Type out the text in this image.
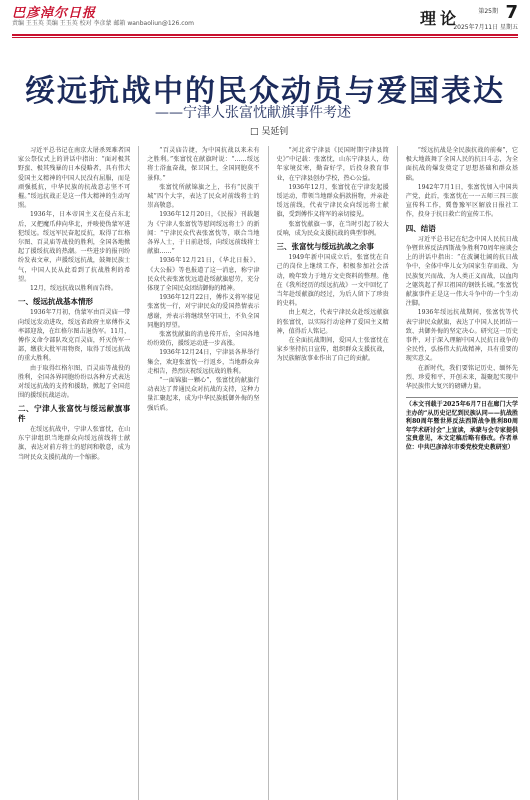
巴彦淖尔日报
责编 王玉英 美编 王玉英 校对 李彦蒙 邮箱 wanbaoliun@126.com	理论	第25期 7
2025年7月11日 星期五
绥远抗战中的民众动员与爱国表达
——宁津人张富忱献旗事件考述
□ 吴延钊

习近平总书记在南京大屠杀死难者国家公祭仪式上的讲话中指出：“面对极其野蛮、极其残暴的日本侵略者，具有伟大爱国主义精神的中国人民没有屈服，而是顽强抵抗，中华民族的抗战意志坚不可摧。”绥远抗战正是这一伟大精神的生动写照。

1936年，日本帝国主义在侵占东北后，又把魔爪伸向华北，并唆使伪蒙军进犯绥远。绥远军民奋起反抗，取得了红格尔图、百灵庙等战役的胜利，全国各地掀起了援绥抗战的热潮。一些进步的报刊纷纷发表文章，声援绥远抗战，鼓舞民族士气，中国人民从此看到了抗战胜利的希望。

12月，绥远抗战以胜利而告终。

一、绥远抗战基本情形

1936年7月初，伪蒙军由百灵庙一带向绥远发动进攻，绥远省政府主席傅作义率部迎敌，在红格尔图击退伪军。11月，傅作义命令部队攻克百灵庙，歼灭伪军一部，缴获大批军用物资，取得了绥远抗战的重大胜利。

由于取得红格尔图、百灵庙等战役的胜利，全国各界同胞纷纷以各种方式表达对绥远抗战的支持和援助，掀起了全国范围的援绥抗战运动。

二、宁津人张富忱与绥远献旗事件

在绥远抗战中，宁津人张富忱，在山东宁津组织当地群众向绥远前线将士献旗，表达对前方将士的慰问和敬意，成为当时民众支援抗战的一个缩影。

“百灵庙告捷，为中国抗战以来未有之胜利。”张富忱在献旗时说：“……绥远将士浴血奋战，保卫国土，全国同胞莫不景仰。”

张富忱所献锦旗之上，书有“民族干城”四个大字，表达了民众对前线将士的崇高敬意。

1936年12月20日，《民报》刊载题为《宁津人张富忱等慰问绥远将士》的新闻：“宁津民众代表张富忱等，联合当地各界人士，于日前赴绥，向绥远前线将士献旗……”

1936年12月21日，《华北日报》、《大公报》等也报道了这一消息，称宁津民众代表张富忱远道赴绥献旗慰劳，充分体现了全国民众团结御侮的精神。

1936年12月22日，傅作义将军接见张富忱一行，对宁津民众的爱国热情表示感谢，并表示将继续坚守国土，不负全国同胞的厚望。

张富忱献旗的消息传开后，全国各地纷纷效仿，援绥运动进一步高涨。

1936年12月24日，宁津县各界举行集会，欢迎张富忱一行返乡，当地群众奔走相告，热烈庆祝绥远抗战的胜利。

“一面锦旗一颗心”，张富忱的献旗行动表达了普通民众对抗战的支持，这种力量汇聚起来，成为中华民族抵御外侮的坚强后盾。

“河北省宁津县《民国时期宁津县简史》”中记载：张富忱，山东宁津县人，幼年家境贫寒，勤奋好学，后投身教育事业，在宁津县创办学校，热心公益。

1936年12月，张富忱在宁津发起援绥运动，带领当地群众捐款捐物，并亲赴绥远前线，代表宁津民众向绥远将士献旗，受到傅作义将军的亲切接见。

张富忱献旗一事，在当时引起了较大反响，成为民众支援抗战的典型事例。

三、张富忱与绥远抗战之余事

1949年新中国成立后，张富忱在自己的岗位上继续工作，积极参加社会活动，晚年致力于地方文史资料的整理。他在《我所经历的绥远抗战》一文中回忆了当年赴绥献旗的经过，为后人留下了珍贵的史料。

由上观之，代表宁津民众赴绥远献旗的张富忱，以实际行动诠释了爱国主义精神，值得后人铭记。

在全面抗战期间，爱国人士张富忱在家乡坚持抗日宣传，组织群众支援抗战，为民族解放事业作出了自己的贡献。

“绥远抗战是全民族抗战的前奏”，它极大地鼓舞了全国人民的抗日斗志，为全面抗战的爆发奠定了思想基础和群众基础。

1942年7月1日，张富忱加入中国共产党，此后，张富忱在一一五师三四三旅宣传科工作，冀鲁豫军区解放日报社工作，投身于抗日救亡的宣传工作。

四、结语

习近平总书记在纪念中国人民抗日战争暨世界反法西斯战争胜利70周年座谈会上的讲话中指出：“在波澜壮阔的抗日战争中，全体中华儿女为国家生存而战、为民族复兴而战、为人类正义而战，以血肉之躯筑起了捍卫祖国的钢铁长城。”张富忱献旗事件正是这一伟大斗争中的一个生动注脚。

1936年绥远抗战期间，张富忱等代表宁津民众献旗，表达了中国人民团结一致、共御外侮的坚定决心。研究这一历史事件，对于深入理解中国人民抗日战争的全民性，弘扬伟大抗战精神，具有重要的现实意义。

在新时代，我们要铭记历史、缅怀先烈、珍爱和平、开创未来，凝聚起实现中华民族伟大复兴的磅礴力量。

（本文刊载于2025年6月7日在廊门大学主办的“从历史记忆到民族认同——抗战胜利80周年暨世界反法西斯战争胜利80周年学术研讨会”上宣读，承蒙与会专家提供宝贵意见，本文定稿后略有修改。作者单位：中共巴彦淖尔市委党校党史教研室）
